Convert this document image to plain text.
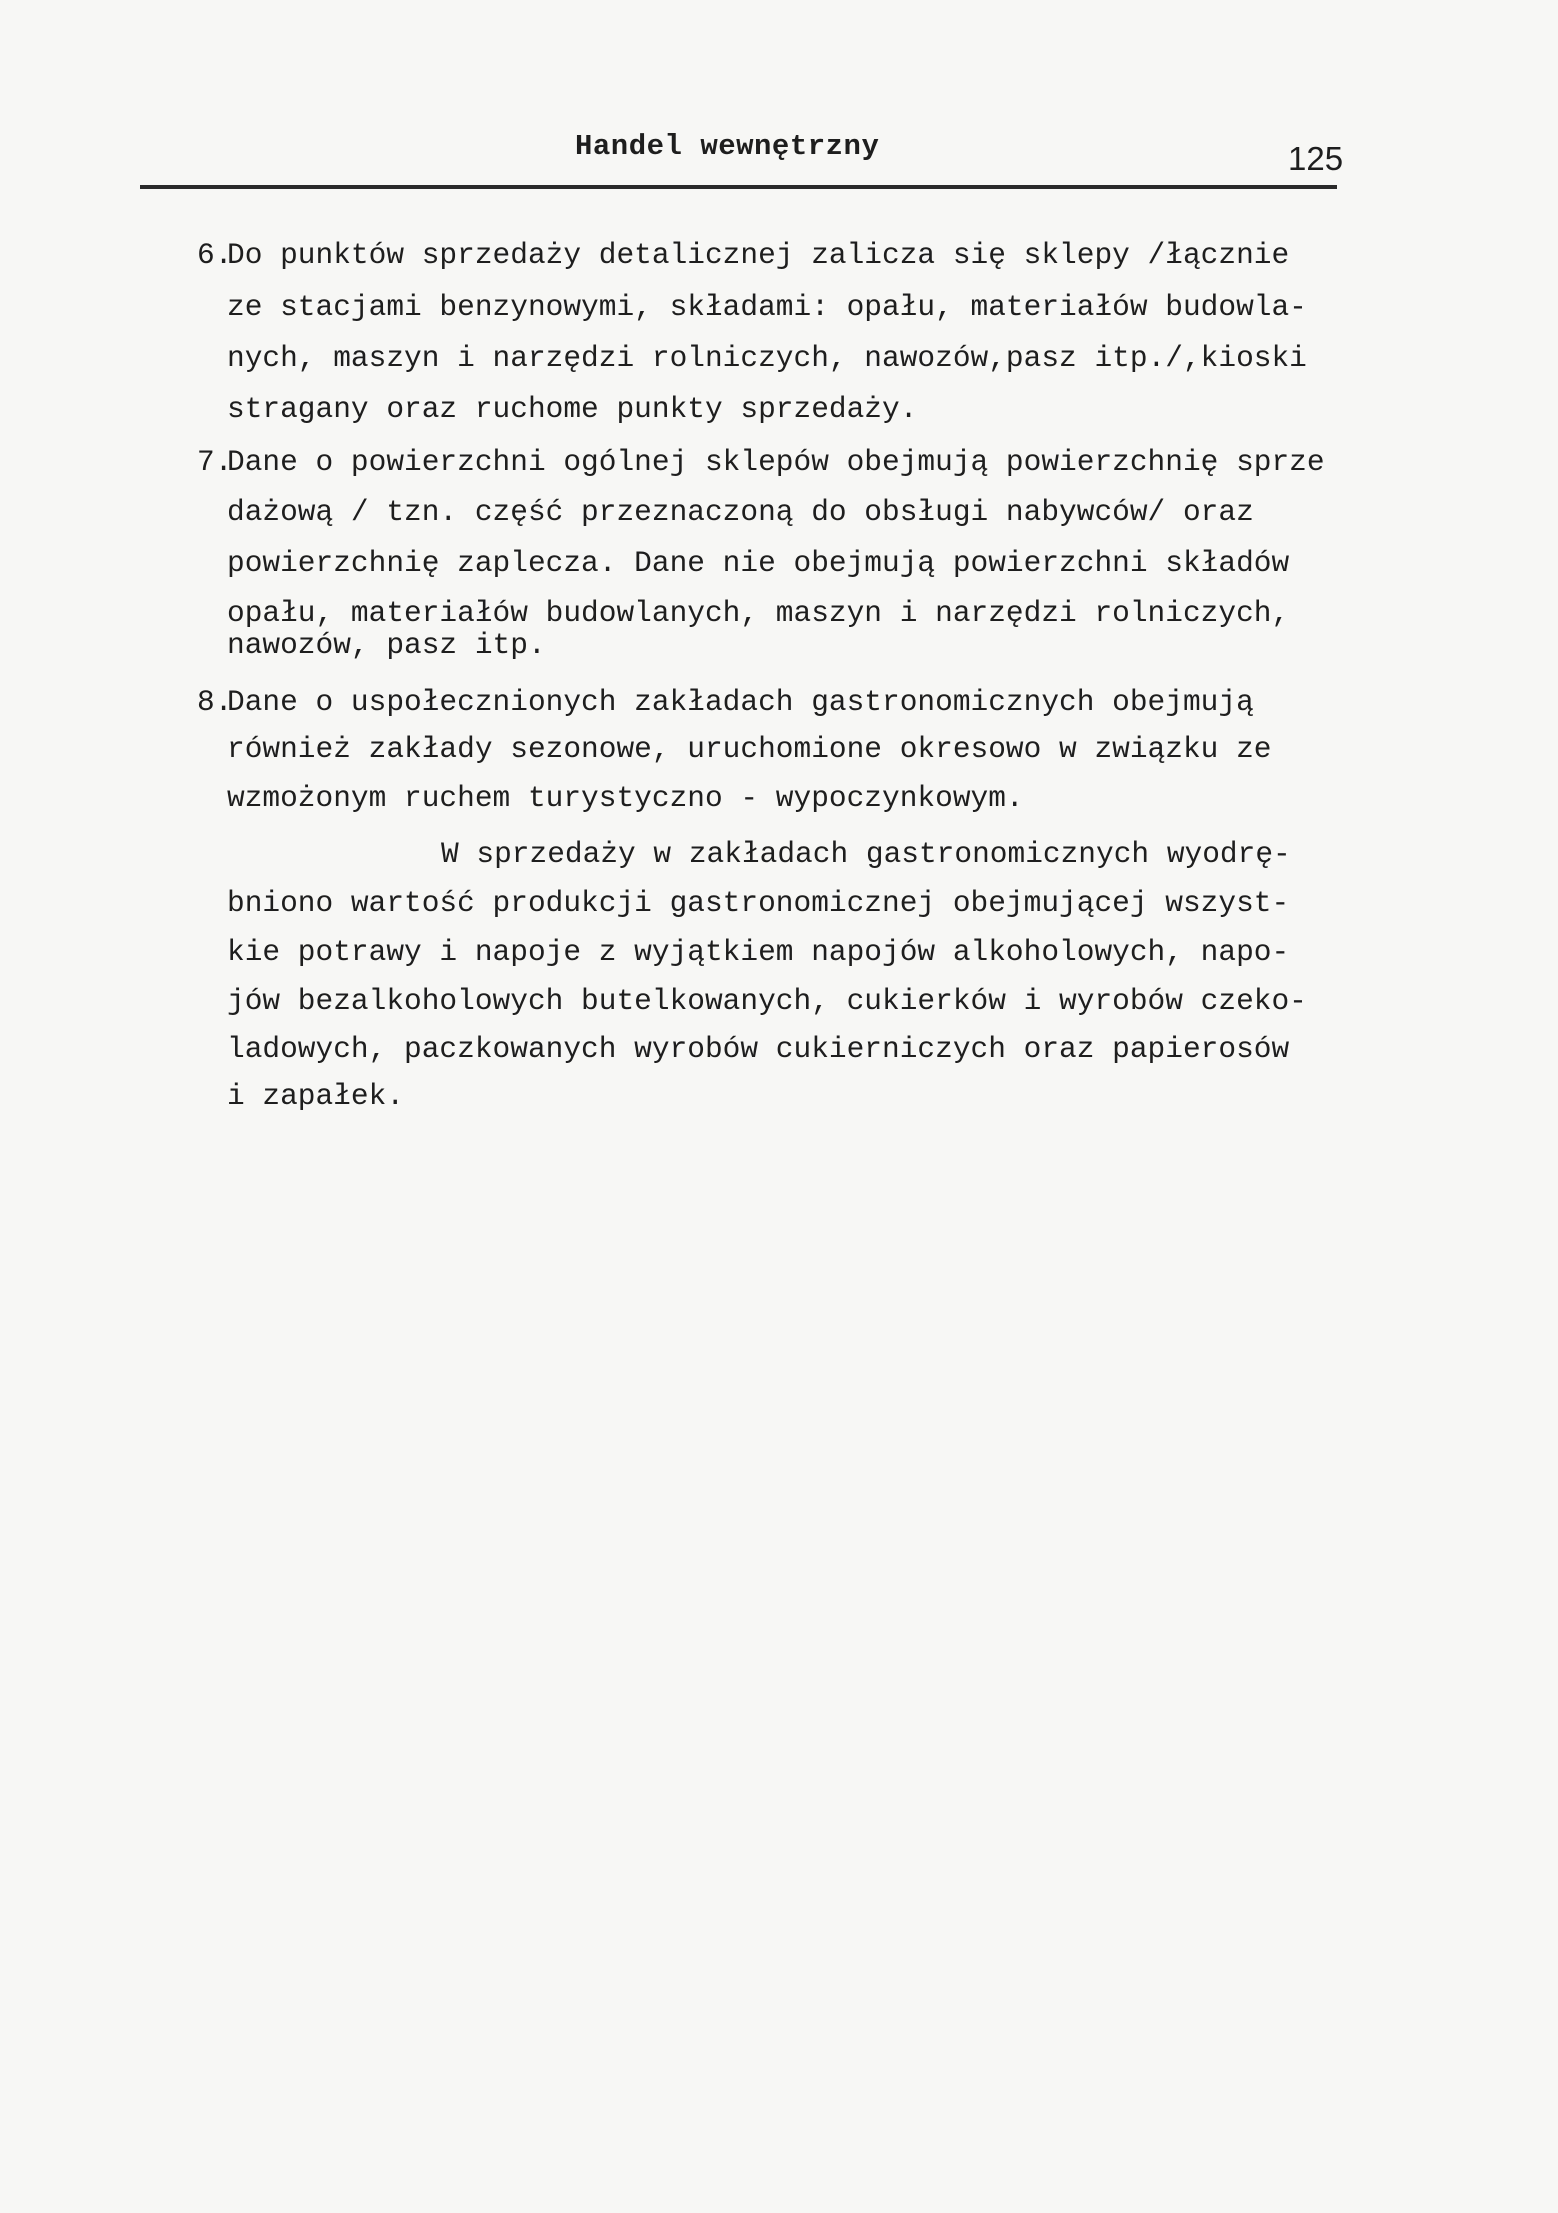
Handel wewnętrzny	125
6.
Do punktów sprzedaży detalicznej zalicza się sklepy /łącznie
ze stacjami benzynowymi, składami: opału, materiałów budowla-
nych, maszyn i narzędzi rolniczych, nawozów,pasz itp./,kioski
stragany oraz ruchome punkty sprzedaży.
7.
Dane o powierzchni ogólnej sklepów obejmują powierzchnię sprze
dażową / tzn. część przeznaczoną do obsługi nabywców/ oraz
powierzchnię zaplecza. Dane nie obejmują powierzchni składów
opału, materiałów budowlanych, maszyn i narzędzi rolniczych,
nawozów, pasz itp.
8.
Dane o uspołecznionych zakładach gastronomicznych obejmują
również zakłady sezonowe, uruchomione okresowo w związku ze
wzmożonym ruchem turystyczno - wypoczynkowym.
W sprzedaży w zakładach gastronomicznych wyodrę-
bniono wartość produkcji gastronomicznej obejmującej wszyst-
kie potrawy i napoje z wyjątkiem napojów alkoholowych, napo-
jów bezalkoholowych butelkowanych, cukierków i wyrobów czeko-
ladowych, paczkowanych wyrobów cukierniczych oraz papierosów
i zapałek.
